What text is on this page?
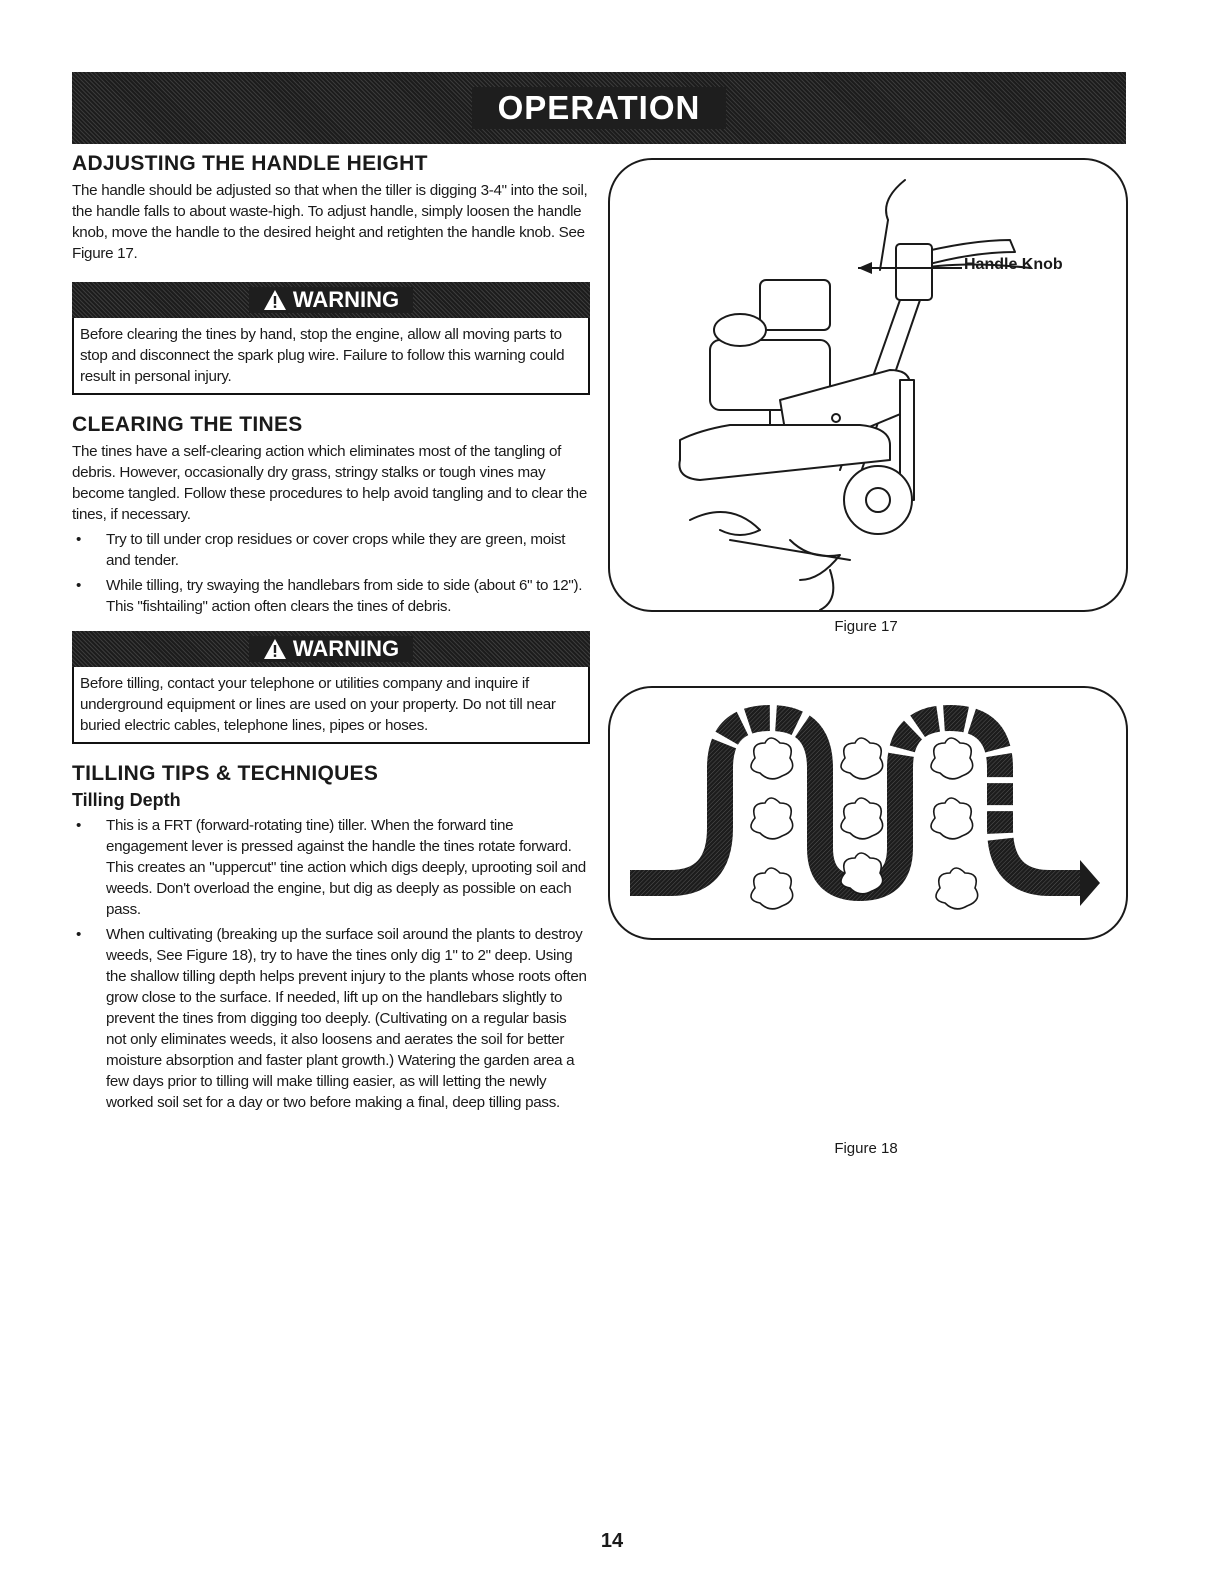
OPERATION
ADJUSTING THE HANDLE HEIGHT

The handle should be adjusted so that when the tiller is digging 3-4" into the soil, the handle falls to about waste-high. To adjust handle, simply loosen the handle knob, move the handle to the desired height and retighten the handle knob. See Figure 17.

WARNING
Before clearing the tines by hand, stop the engine, allow all moving parts to stop and disconnect the spark plug wire. Failure to follow this warning could result in personal injury.
CLEARING THE TINES

The tines have a self-clearing action which eliminates most of the tangling of debris. However, occasionally dry grass, stringy stalks or tough vines may become tangled. Follow these procedures to help avoid tangling and to clear the tines, if necessary.

• Try to till under crop residues or cover crops while they are green, moist and tender.
• While tilling, try swaying the handlebars from side to side (about 6" to 12"). This "fishtailing" action often clears the tines of debris.
WARNING
Before tilling, contact your telephone or utilities company and inquire if underground equipment or lines are used on your property. Do not till near buried electric cables, telephone lines, pipes or hoses.
TILLING TIPS & TECHNIQUES
Tilling Depth
• This is a FRT (forward-rotating tine) tiller. When the forward tine engagement lever is pressed against the handle the tines rotate forward. This creates an "uppercut" tine action which digs deeply, uprooting soil and weeds. Don't overload the engine, but dig as deeply as possible on each pass.
• When cultivating (breaking up the surface soil around the plants to destroy weeds, See Figure 18), try to have the tines only dig 1" to 2" deep. Using the shallow tilling depth helps prevent injury to the plants whose roots often grow close to the surface. If needed, lift up on the handlebars slightly to prevent the tines from digging too deeply. (Cultivating on a regular basis not only eliminates weeds, it also loosens and aerates the soil for better moisture absorption and faster plant growth.) Watering the garden area a few days prior to tilling will make tilling easier, as will letting the newly worked soil set for a day or two before making a final, deep tilling pass.
Handle Knob
Figure 17
Figure 18
14
